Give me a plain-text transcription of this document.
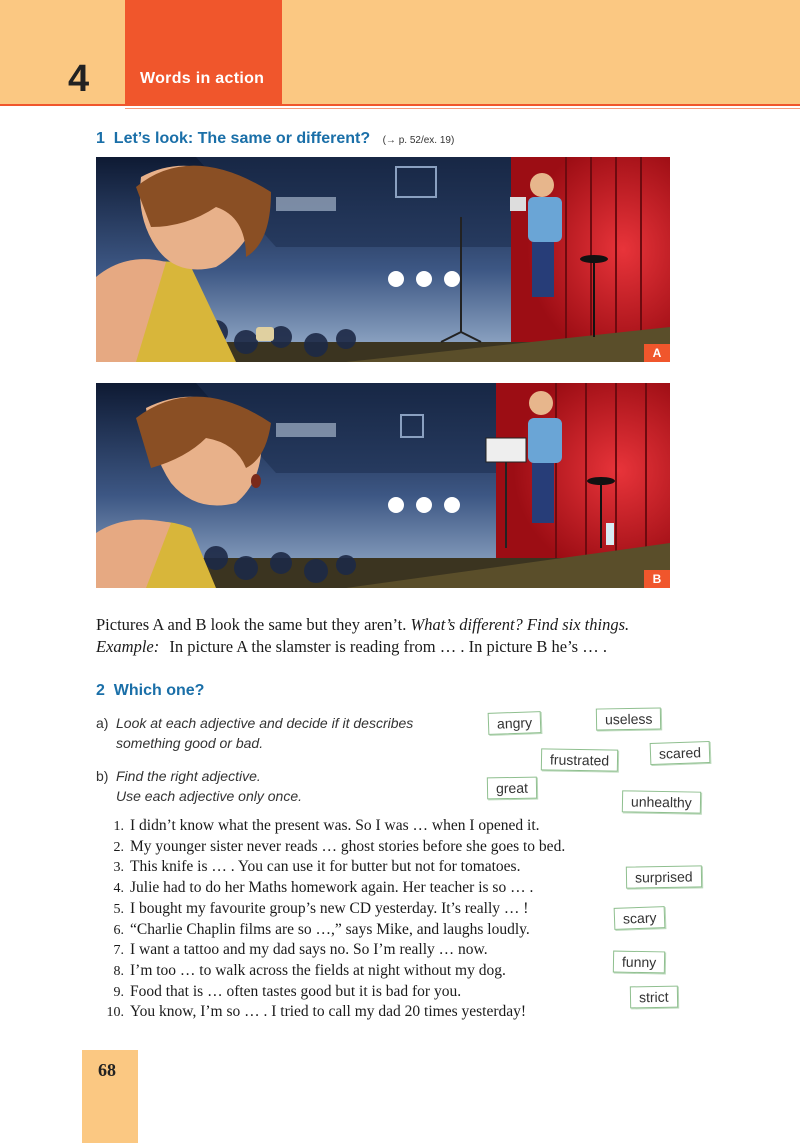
4	Words in action
1 Let’s look: The same or different? (→ p. 52/ex. 19)
A
B
Pictures A and B look the same but they aren’t. What’s different? Find six things.
Example: In picture A the slamster is reading from … . In picture B he’s … .
2 Which one?
a) Look at each adjective and decide if it describes
something good or bad.
b) Find the right adjective.
Use each adjective only once.
angry	useless
frustrated	scared
great
unhealthy
surprised
scary
funny
strict
1. I didn’t know what the present was. So I was … when I opened it.
2. My younger sister never reads … ghost stories before she goes to bed.
3. This knife is … . You can use it for butter but not for tomatoes.
4. Julie had to do her Maths homework again. Her teacher is so … .
5. I bought my favourite group’s new CD yesterday. It’s really … !
6. “Charlie Chaplin films are so …,” says Mike, and laughs loudly.
7. I want a tattoo and my dad says no. So I’m really … now.
8. I’m too … to walk across the fields at night without my dog.
9. Food that is … often tastes good but it is bad for you.
10. You know, I’m so … . I tried to call my dad 20 times yesterday!
68
